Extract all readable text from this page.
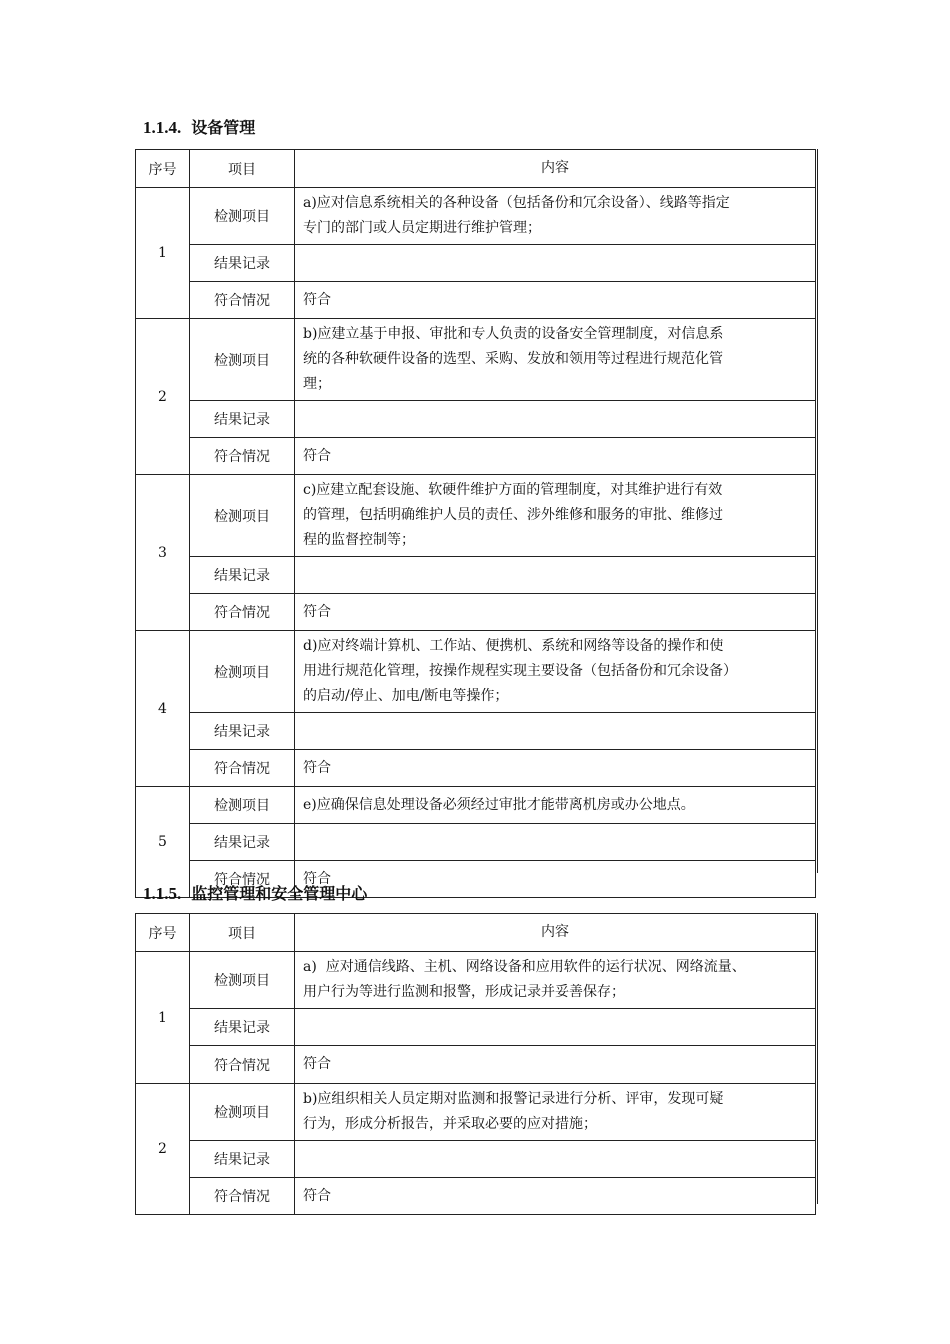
1.1.4. 设备管理
序号	项目	内容
1	检测项目	a)应对信息系统相关的各种设备（包括备份和冗余设备）、线路等指定
专门的部门或人员定期进行维护管理；

	结果记录	
	符合情况	符合
2	检测项目	b)应建立基于申报、审批和专人负责的设备安全管理制度，对信息系
统的各种软硬件设备的选型、采购、发放和领用等过程进行规范化管
理；

	结果记录	
	符合情况	符合
3	检测项目	c)应建立配套设施、软硬件维护方面的管理制度，对其维护进行有效
的管理，包括明确维护人员的责任、涉外维修和服务的审批、维修过
程的监督控制等；

	结果记录	
	符合情况	符合
4	检测项目	d)应对终端计算机、工作站、便携机、系统和网络等设备的操作和使
用进行规范化管理，按操作规程实现主要设备（包括备份和冗余设备）
的启动/停止、加电/断电等操作；

	结果记录	
	符合情况	符合
5	检测项目	e)应确保信息处理设备必须经过审批才能带离机房或办公地点。

	结果记录	
	符合情况	符合
1.1.5. 监控管理和安全管理中心
序号	项目	内容
1	检测项目	a)  应对通信线路、主机、网络设备和应用软件的运行状况、网络流量、
用户行为等进行监测和报警，形成记录并妥善保存；

	结果记录	
	符合情况	符合
2	检测项目	b)应组织相关人员定期对监测和报警记录进行分析、评审，发现可疑
行为，形成分析报告，并采取必要的应对措施；

	结果记录	
	符合情况	符合
